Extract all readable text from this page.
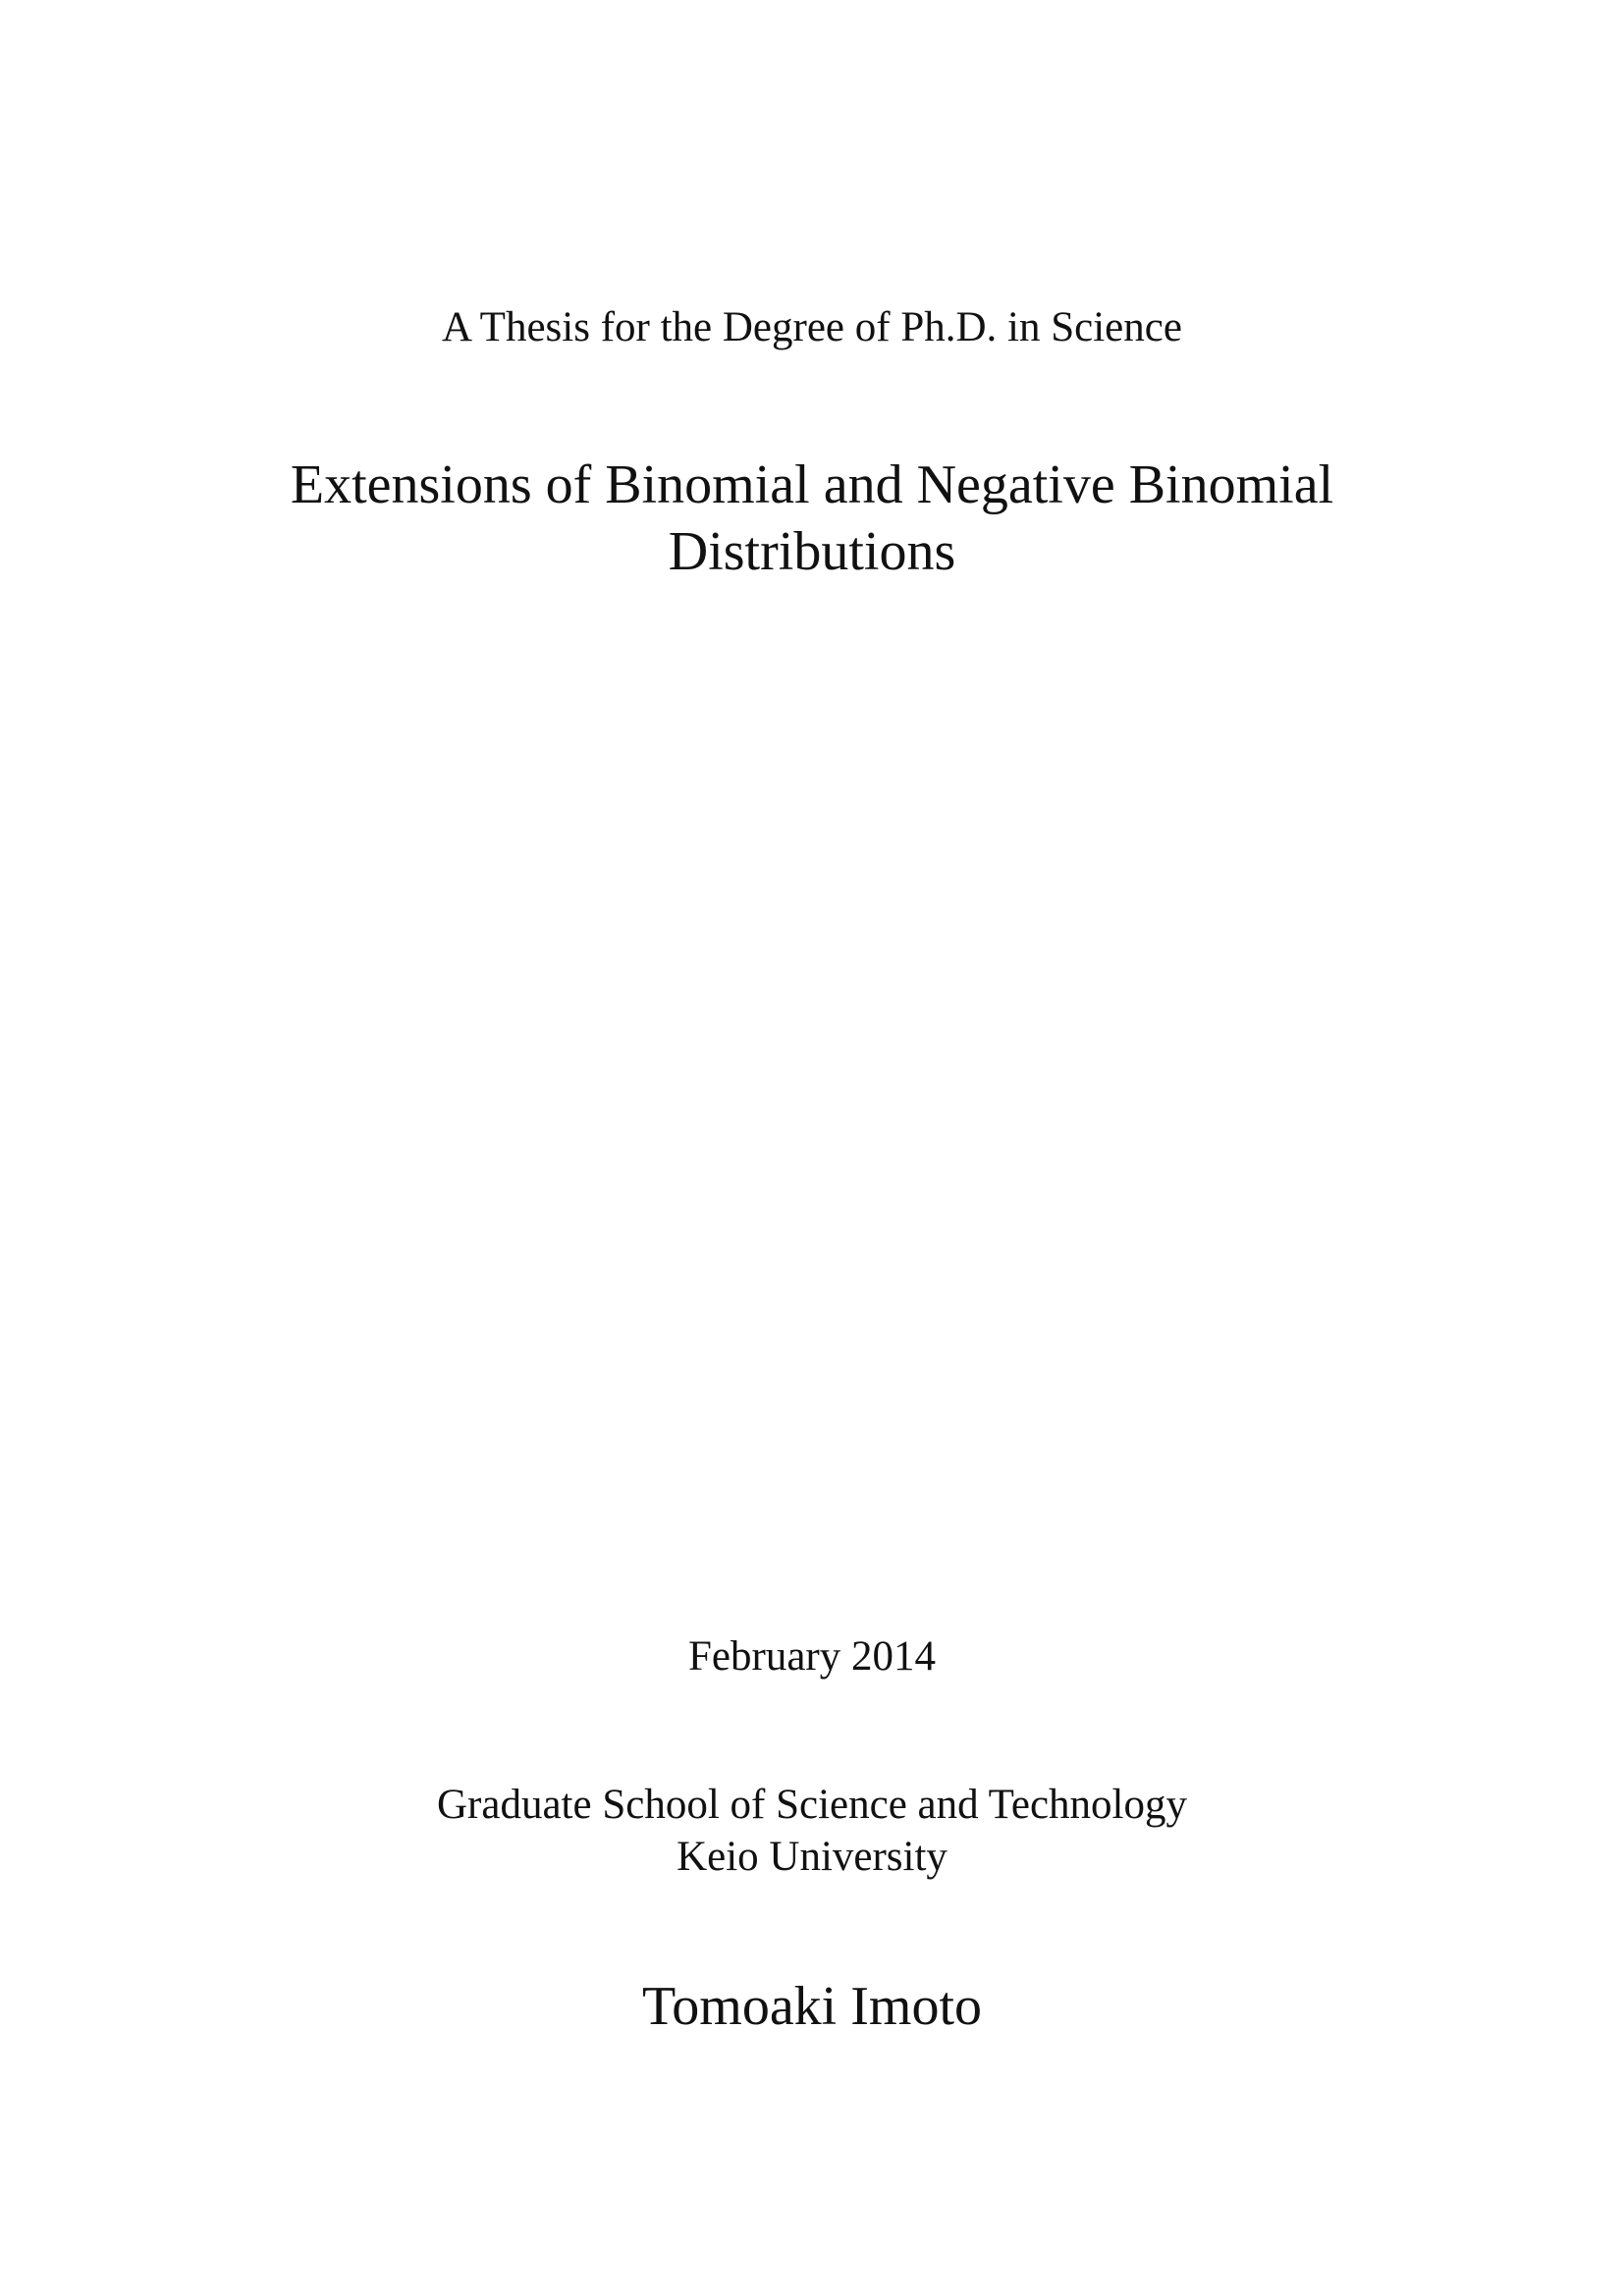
A Thesis for the Degree of Ph.D. in Science
Extensions of Binomial and Negative Binomial
Distributions
February 2014
Graduate School of Science and Technology
Keio University
Tomoaki Imoto
